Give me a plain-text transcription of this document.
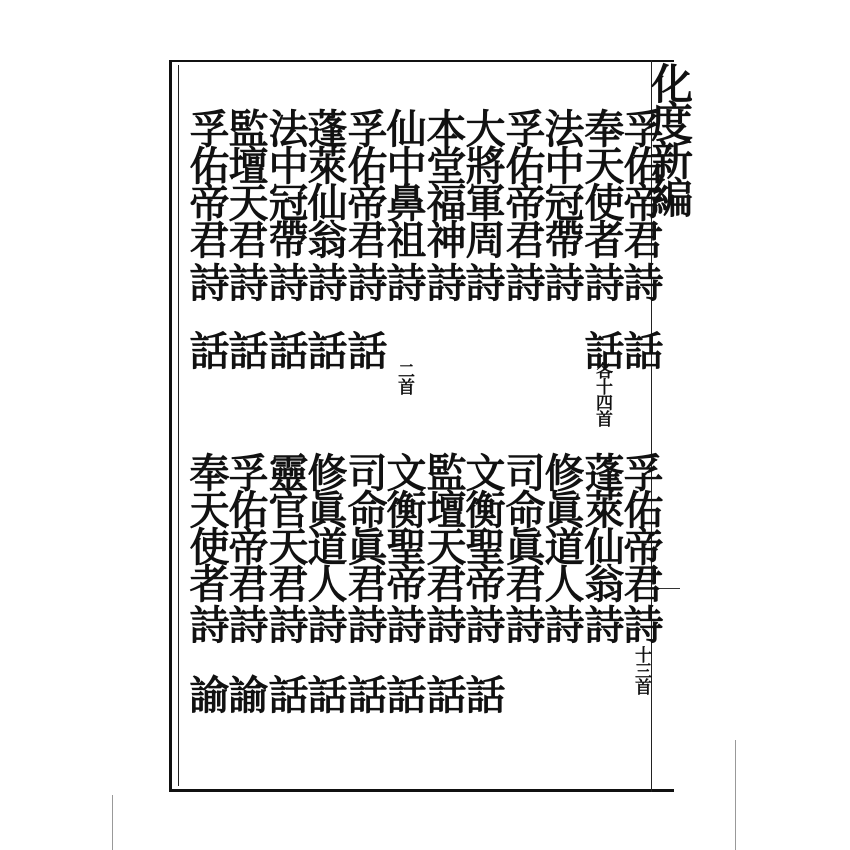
化度新編
孚佑帝君
詩
話
奉天使者
詩
話
各十四首
法中冠帶
詩
孚佑帝君
詩
大將軍周
詩
本堂福神
詩
仙中鼻祖
詩
二首
孚佑帝君
詩
話
蓬萊仙翁
詩
話
法中冠帶
詩
話
監壇天君
詩
話
孚佑帝君
詩
話
孚佑帝君
詩
十三首
蓬萊仙翁
詩
修眞道人
詩
司命眞君
詩
文衡聖帝
詩
話
監壇天君
詩
話
文衡聖帝
詩
話
司命眞君
詩
話
修眞道人
詩
話
靈官天君
詩
話
孚佑帝君
詩
諭
奉天使者
詩
諭
